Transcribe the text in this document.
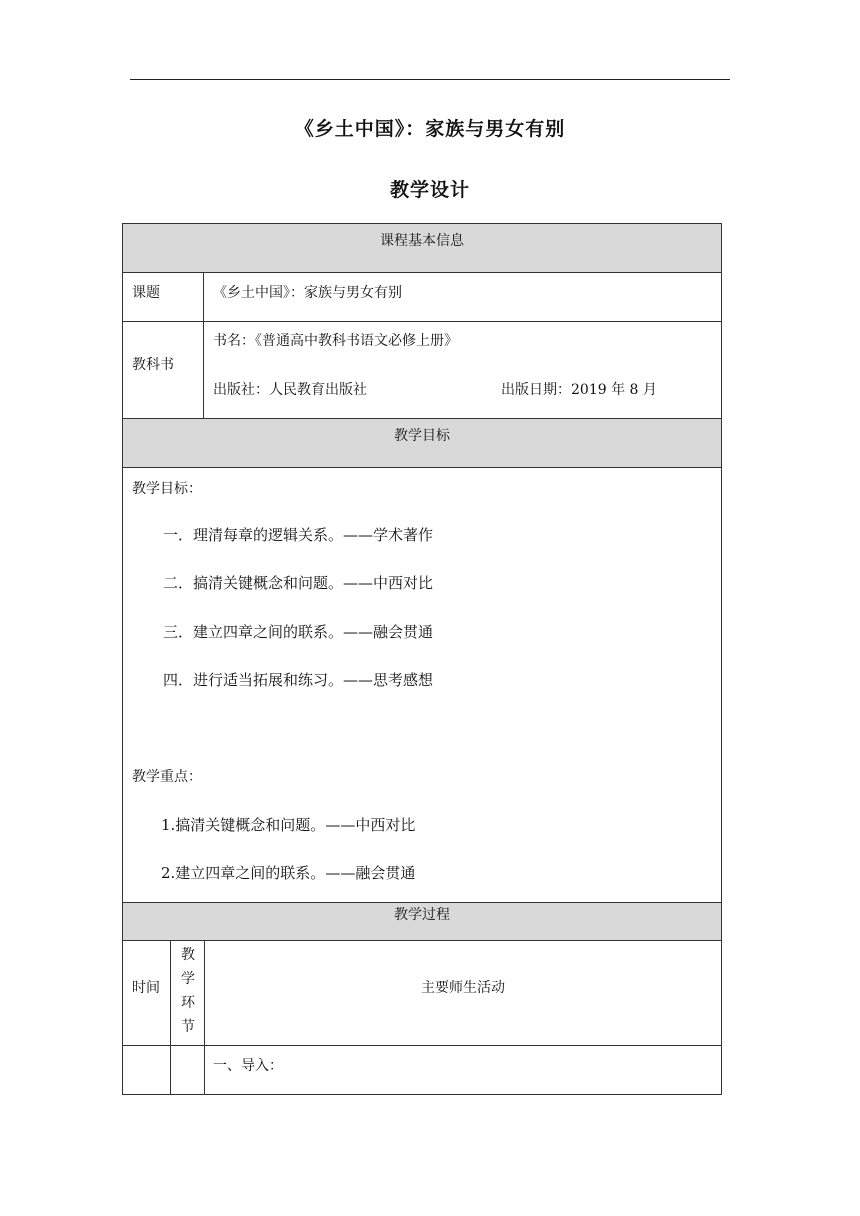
《乡土中国》：家族与男女有别
教学设计
课程基本信息
课题	《乡土中国》：家族与男女有别
教科书
书名：《普通高中教科书语文必修上册》
出版社：人民教育出版社	出版日期：2019 年 8 月
教学目标
教学目标：
一．理清每章的逻辑关系。——学术著作
二．搞清关键概念和问题。——中西对比
三．建立四章之间的联系。——融会贯通
四．进行适当拓展和练习。——思考感想
教学重点：
1.搞清关键概念和问题。——中西对比
2.建立四章之间的联系。——融会贯通
教学过程
时间
教
学
环
节
主要师生活动
一、导入：
